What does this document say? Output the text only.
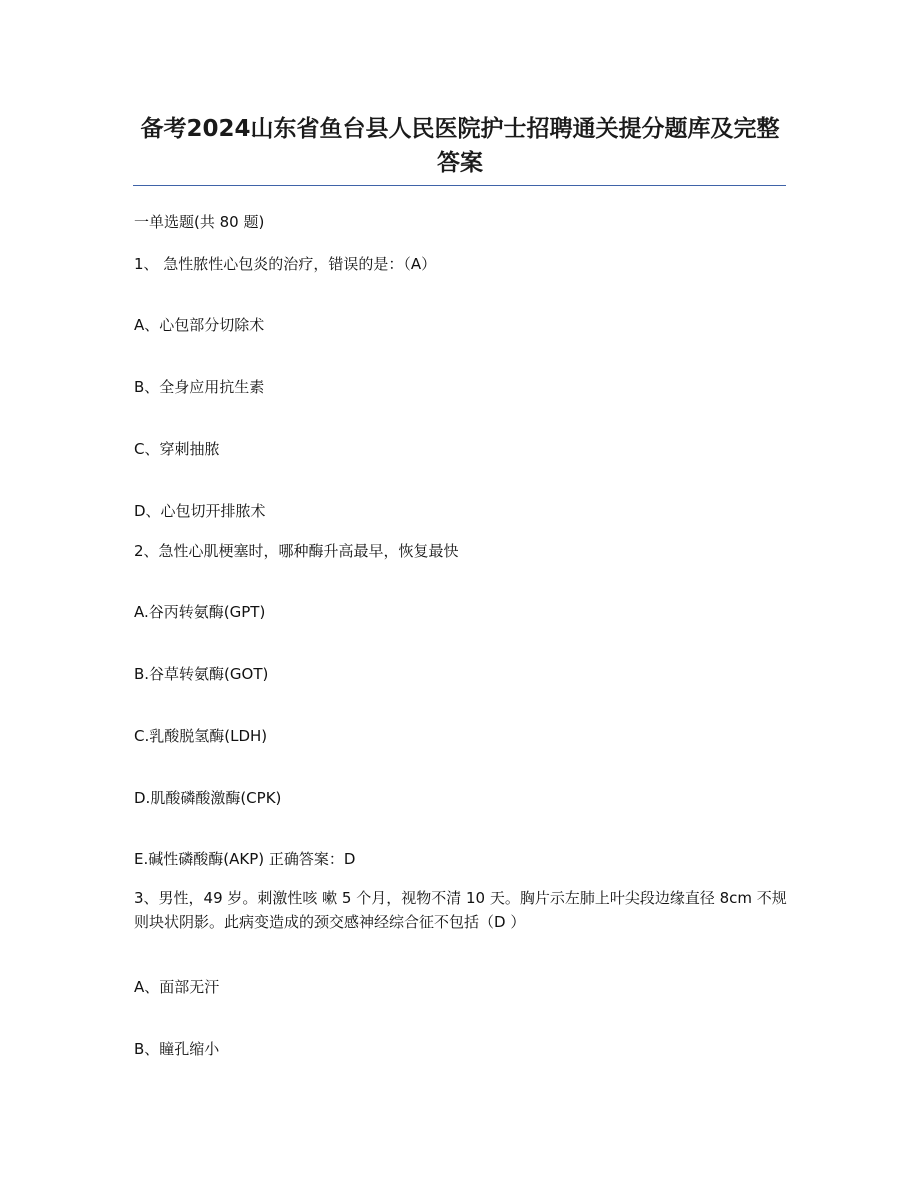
备考2024山东省鱼台县人民医院护士招聘通关提分题库及完整答案
一单选题(共 80 题)
1、 急性脓性心包炎的治疗，错误的是：（A）
A、心包部分切除术
B、全身应用抗生素
C、穿刺抽脓
D、心包切开排脓术
2、急性心肌梗塞时，哪种酶升高最早，恢复最快
A.谷丙转氨酶(GPT)
B.谷草转氨酶(GOT)
C.乳酸脱氢酶(LDH)
D.肌酸磷酸激酶(CPK)
E.碱性磷酸酶(AKP) 正确答案：D
3、男性，49 岁。刺激性咳 嗽 5 个月，视物不清 10 天。胸片示左肺上叶尖段边缘直径 8cm 不规则块状阴影。此病变造成的颈交感神经综合征不包括（D ）
A、面部无汗
B、瞳孔缩小
